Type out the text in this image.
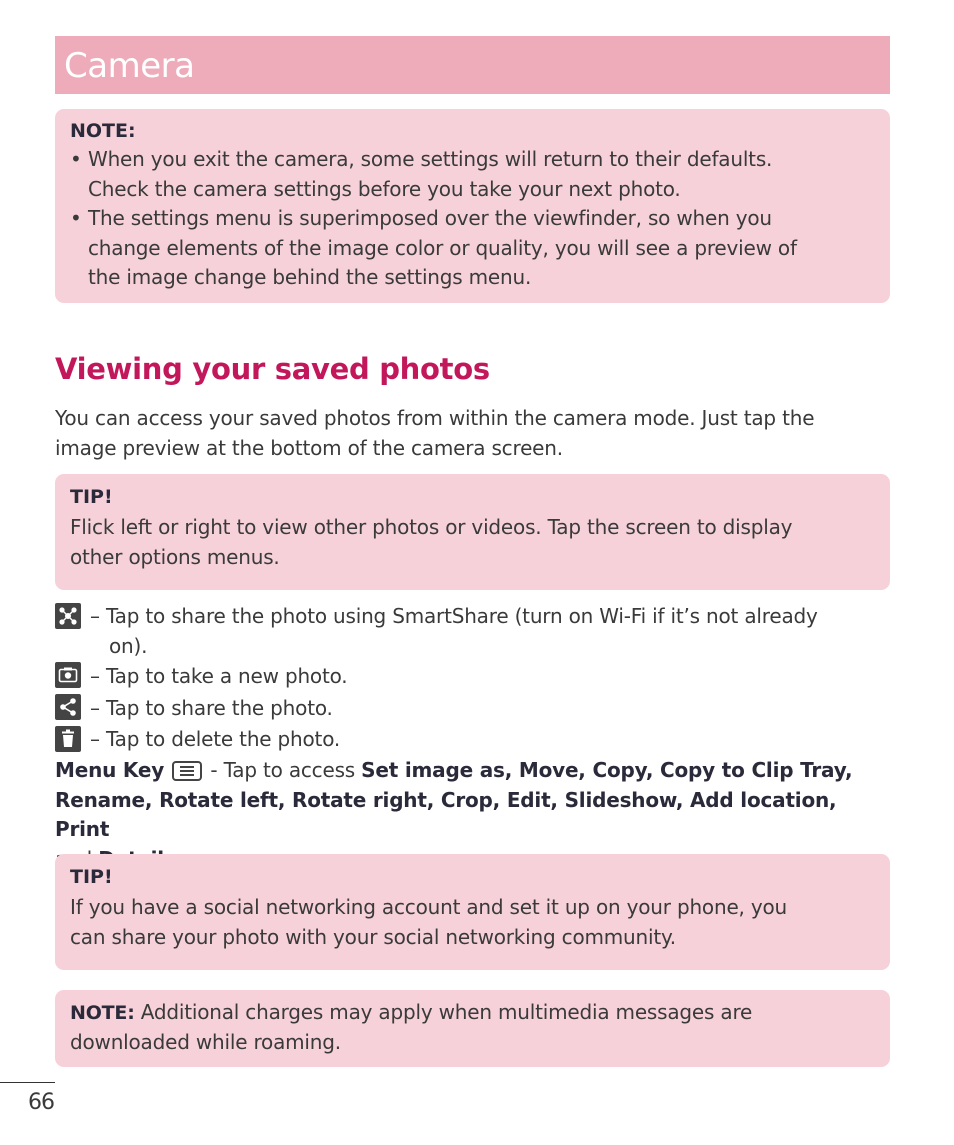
Camera
NOTE:
• When you exit the camera, some settings will return to their defaults.
Check the camera settings before you take your next photo.
• The settings menu is superimposed over the viewfinder, so when you
change elements of the image color or quality, you will see a preview of
the image change behind the settings menu.
Viewing your saved photos
You can access your saved photos from within the camera mode. Just tap the
image preview at the bottom of the camera screen.
TIP!
Flick left or right to view other photos or videos. Tap the screen to display
other options menus.
– Tap to share the photo using SmartShare (turn on Wi-Fi if it’s not already
on).
– Tap to take a new photo.
– Tap to share the photo.
– Tap to delete the photo.
Menu Key
- Tap to access Set image as, Move, Copy, Copy to Clip Tray,
Rename, Rotate left, Rotate right, Crop, Edit, Slideshow, Add location, Print

TIP!
If you have a social networking account and set it up on your phone, you
can share your photo with your social networking community.
NOTE: Additional charges may apply when multimedia messages are
downloaded while roaming.
66
